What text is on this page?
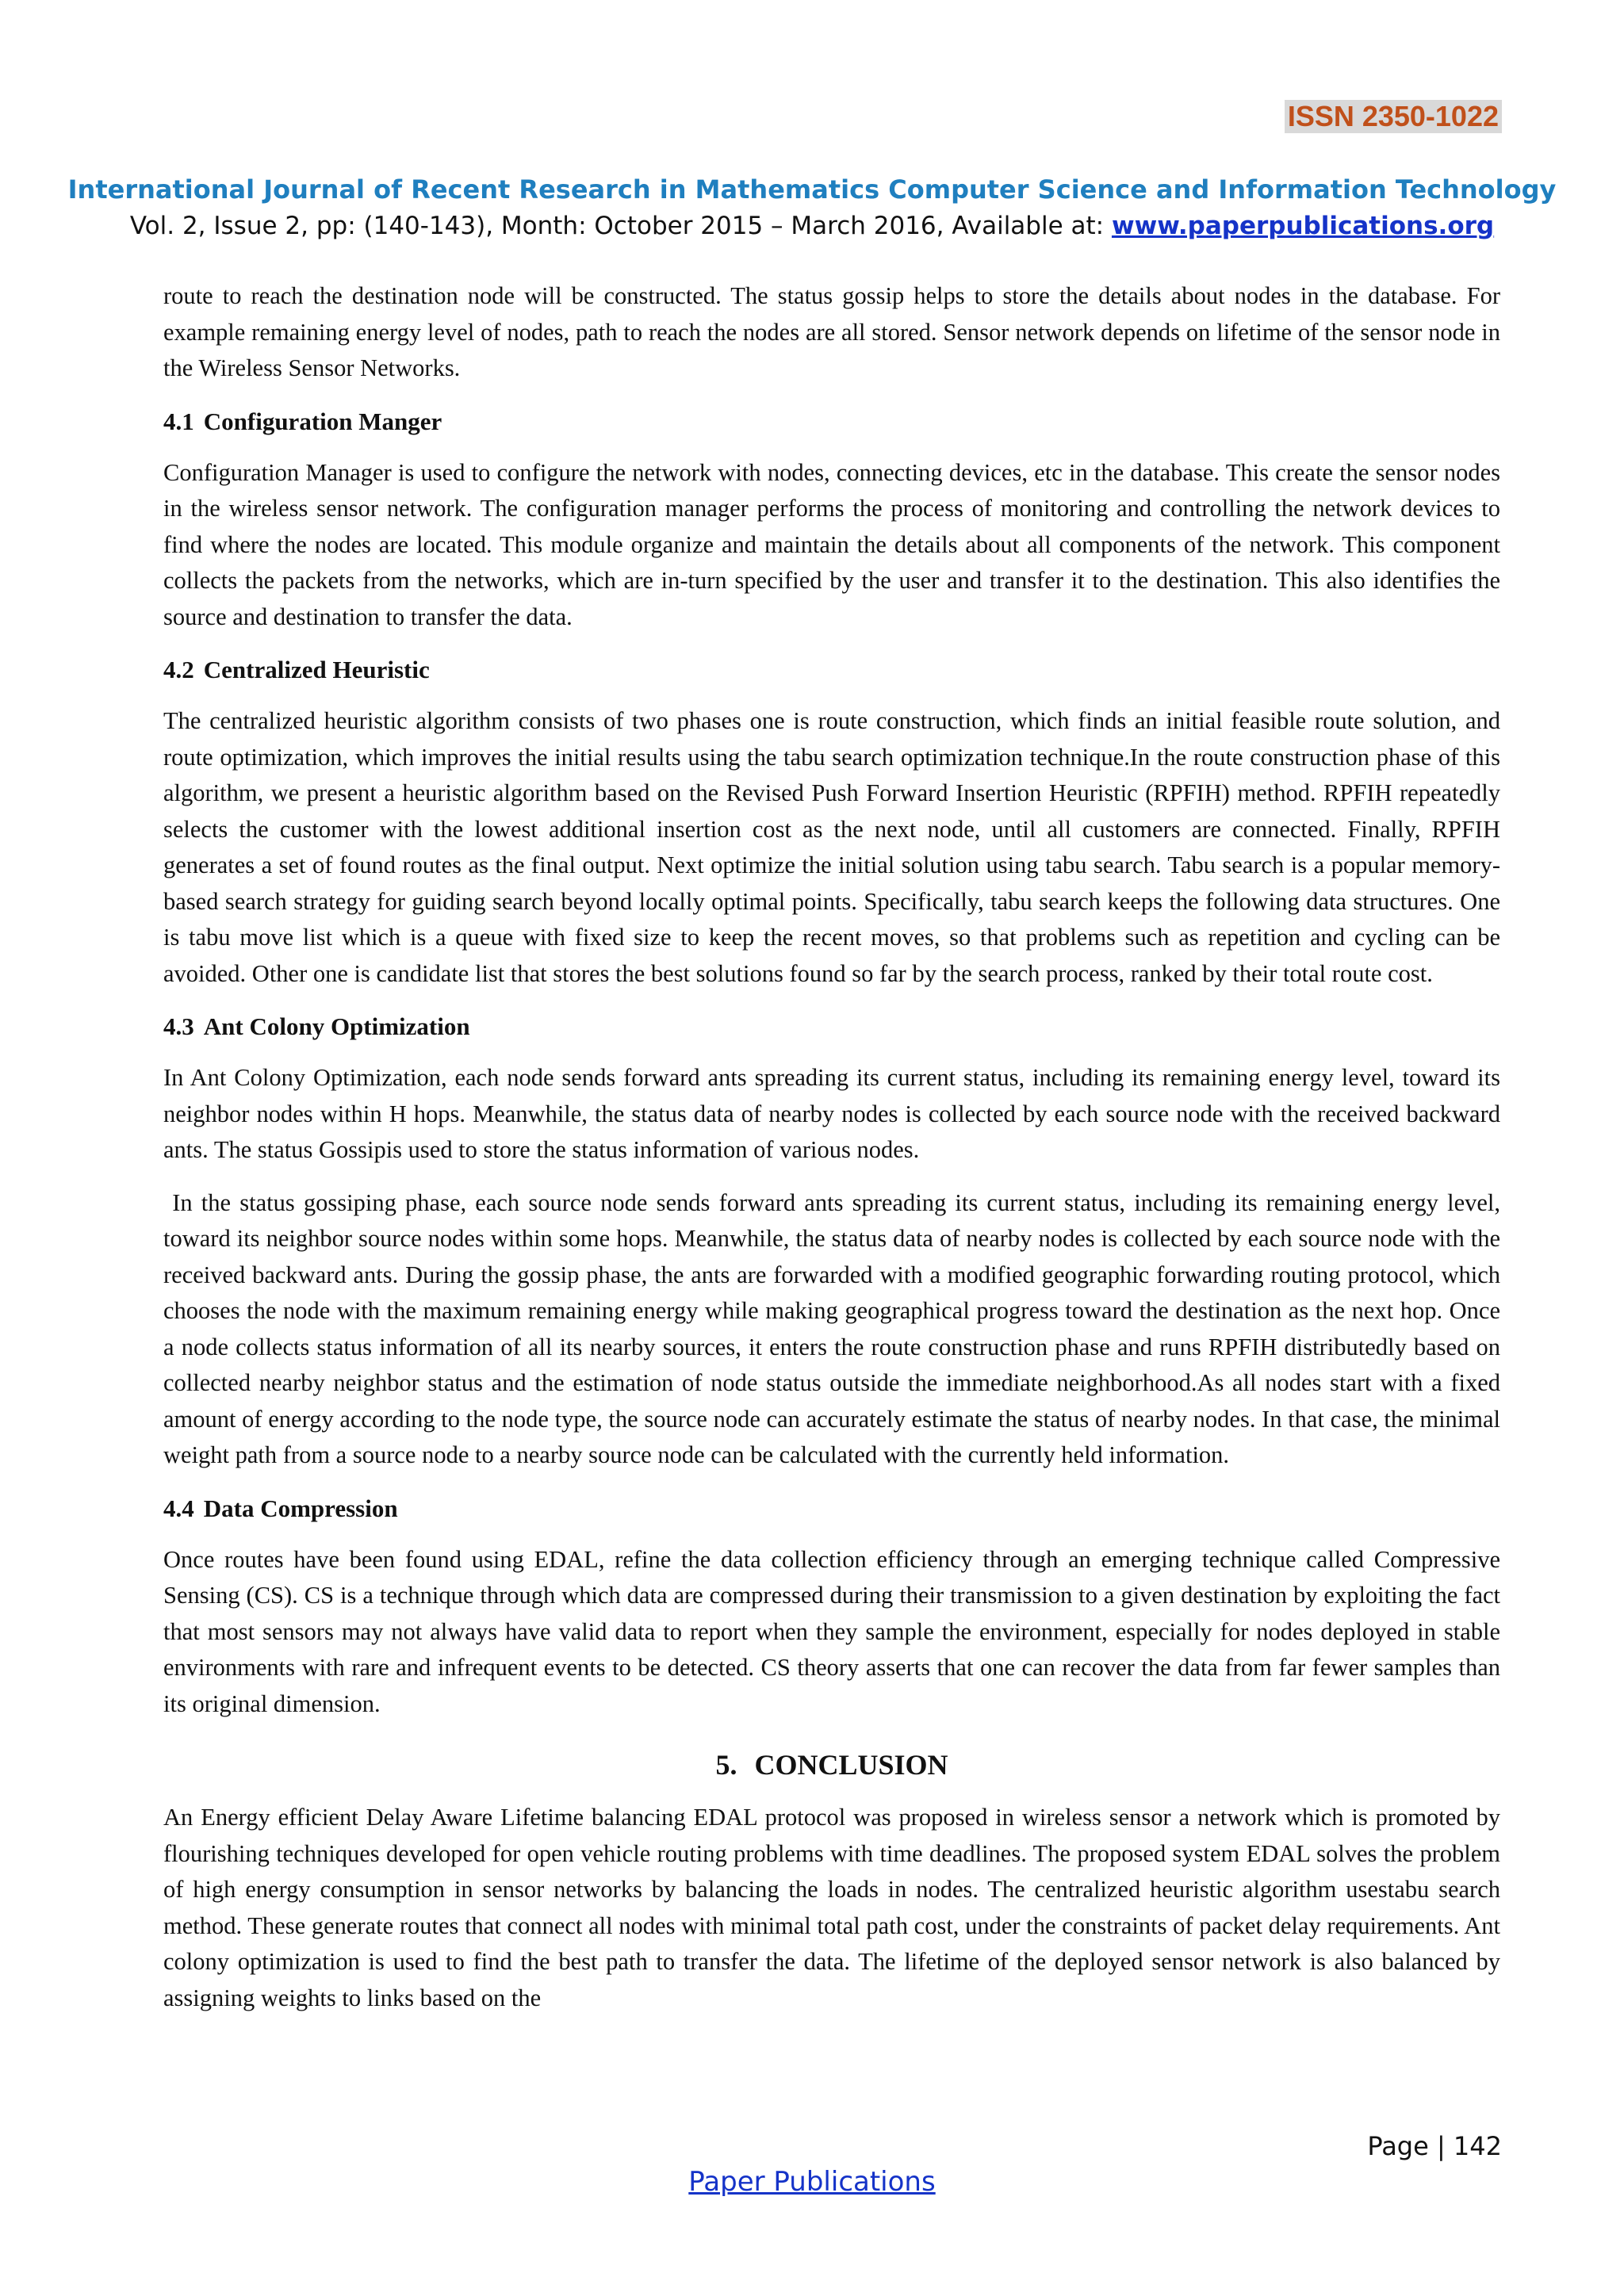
ISSN 2350-1022
International Journal of Recent Research in Mathematics Computer Science and Information Technology
Vol. 2, Issue 2, pp: (140-143), Month: October 2015 – March 2016, Available at: www.paperpublications.org

route to reach the destination node will be constructed. The status gossip helps to store the details about nodes in the database. For example remaining energy level of nodes, path to reach the nodes are all stored. Sensor network depends on lifetime of the sensor node in the Wireless Sensor Networks.

4.1 Configuration Manger

Configuration Manager is used to configure the network with nodes, connecting devices, etc in the database. This create the sensor nodes in the wireless sensor network. The configuration manager performs the process of monitoring and controlling the network devices to find where the nodes are located. This module organize and maintain the details about all components of the network. This component collects the packets from the networks, which are in-turn specified by the user and transfer it to the destination. This also identifies the source and destination to transfer the data.

4.2 Centralized Heuristic

The centralized heuristic algorithm consists of two phases one is route construction, which finds an initial feasible route solution, and route optimization, which improves the initial results using the tabu search optimization technique.In the route construction phase of this algorithm, we present a heuristic algorithm based on the Revised Push Forward Insertion Heuristic (RPFIH) method. RPFIH repeatedly selects the customer with the lowest additional insertion cost as the next node, until all customers are connected. Finally, RPFIH generates a set of found routes as the final output. Next optimize the initial solution using tabu search. Tabu search is a popular memory-based search strategy for guiding search beyond locally optimal points. Specifically, tabu search keeps the following data structures. One is tabu move list which is a queue with fixed size to keep the recent moves, so that problems such as repetition and cycling can be avoided. Other one is candidate list that stores the best solutions found so far by the search process, ranked by their total route cost.

4.3 Ant Colony Optimization

In Ant Colony Optimization, each node sends forward ants spreading its current status, including its remaining energy level, toward its neighbor nodes within H hops. Meanwhile, the status data of nearby nodes is collected by each source node with the received backward ants. The status Gossipis used to store the status information of various nodes.

In the status gossiping phase, each source node sends forward ants spreading its current status, including its remaining energy level, toward its neighbor source nodes within some hops. Meanwhile, the status data of nearby nodes is collected by each source node with the received backward ants. During the gossip phase, the ants are forwarded with a modified geographic forwarding routing protocol, which chooses the node with the maximum remaining energy while making geographical progress toward the destination as the next hop. Once a node collects status information of all its nearby sources, it enters the route construction phase and runs RPFIH distributedly based on collected nearby neighbor status and the estimation of node status outside the immediate neighborhood.As all nodes start with a fixed amount of energy according to the node type, the source node can accurately estimate the status of nearby nodes. In that case, the minimal weight path from a source node to a nearby source node can be calculated with the currently held information.

4.4 Data Compression

Once routes have been found using EDAL, refine the data collection efficiency through an emerging technique called Compressive Sensing (CS). CS is a technique through which data are compressed during their transmission to a given destination by exploiting the fact that most sensors may not always have valid data to report when they sample the environment, especially for nodes deployed in stable environments with rare and infrequent events to be detected. CS theory asserts that one can recover the data from far fewer samples than its original dimension.

5. CONCLUSION

An Energy efficient Delay Aware Lifetime balancing EDAL protocol was proposed in wireless sensor a network which is promoted by flourishing techniques developed for open vehicle routing problems with time deadlines. The proposed system EDAL solves the problem of high energy consumption in sensor networks by balancing the loads in nodes. The centralized heuristic algorithm usestabu search method. These generate routes that connect all nodes with minimal total path cost, under the constraints of packet delay requirements. Ant colony optimization is used to find the best path to transfer the data. The lifetime of the deployed sensor network is also balanced by assigning weights to links based on the

Page | 142
Paper Publications
